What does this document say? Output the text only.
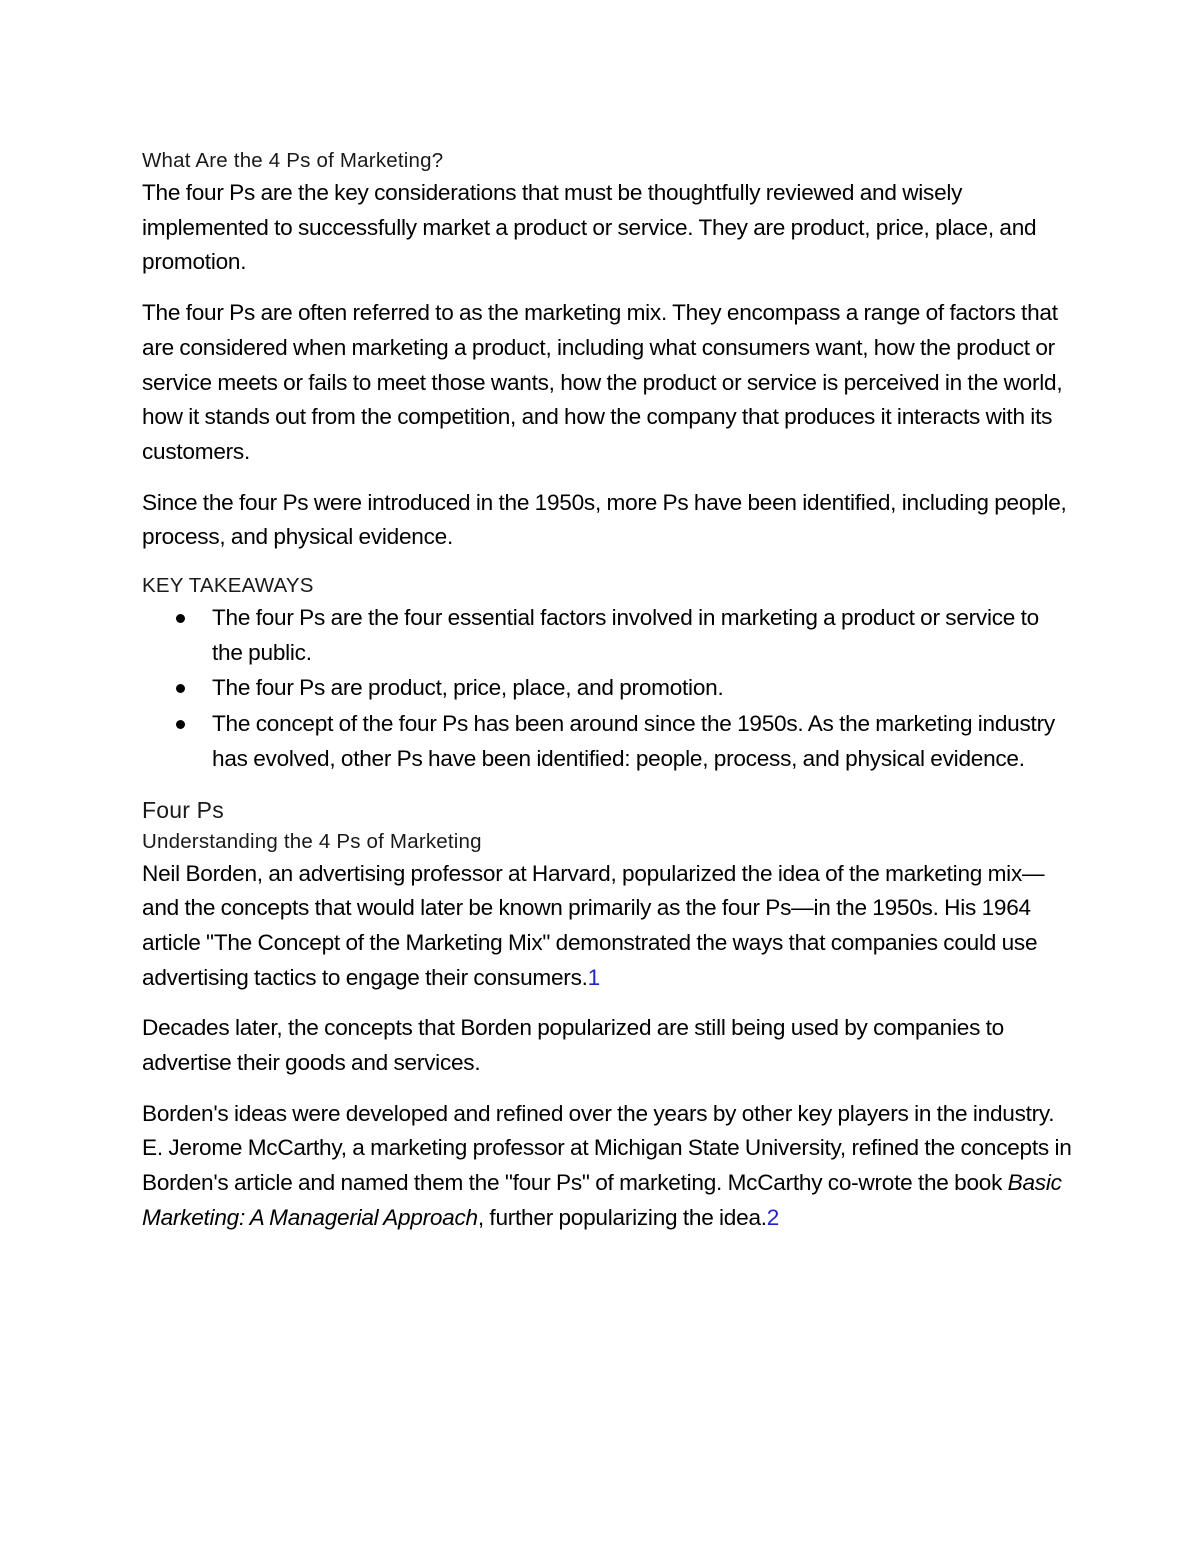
What Are the 4 Ps of Marketing?

The four Ps are the key considerations that must be thoughtfully reviewed and wisely implemented to successfully market a product or service. They are product, price, place, and promotion.

The four Ps are often referred to as the marketing mix. They encompass a range of factors that are considered when marketing a product, including what consumers want, how the product or service meets or fails to meet those wants, how the product or service is perceived in the world, how it stands out from the competition, and how the company that produces it interacts with its customers.

Since the four Ps were introduced in the 1950s, more Ps have been identified, including people, process, and physical evidence.

KEY TAKEAWAYS

The four Ps are the four essential factors involved in marketing a product or service to the public.
The four Ps are product, price, place, and promotion.
The concept of the four Ps has been around since the 1950s. As the marketing industry has evolved, other Ps have been identified: people, process, and physical evidence.

Four Ps

Understanding the 4 Ps of Marketing

Neil Borden, an advertising professor at Harvard, popularized the idea of the marketing mix—and the concepts that would later be known primarily as the four Ps—in the 1950s. His 1964 article "The Concept of the Marketing Mix" demonstrated the ways that companies could use advertising tactics to engage their consumers.1

Decades later, the concepts that Borden popularized are still being used by companies to advertise their goods and services.

Borden's ideas were developed and refined over the years by other key players in the industry. E. Jerome McCarthy, a marketing professor at Michigan State University, refined the concepts in Borden's article and named them the "four Ps" of marketing. McCarthy co-wrote the book Basic Marketing: A Managerial Approach, further popularizing the idea.2
